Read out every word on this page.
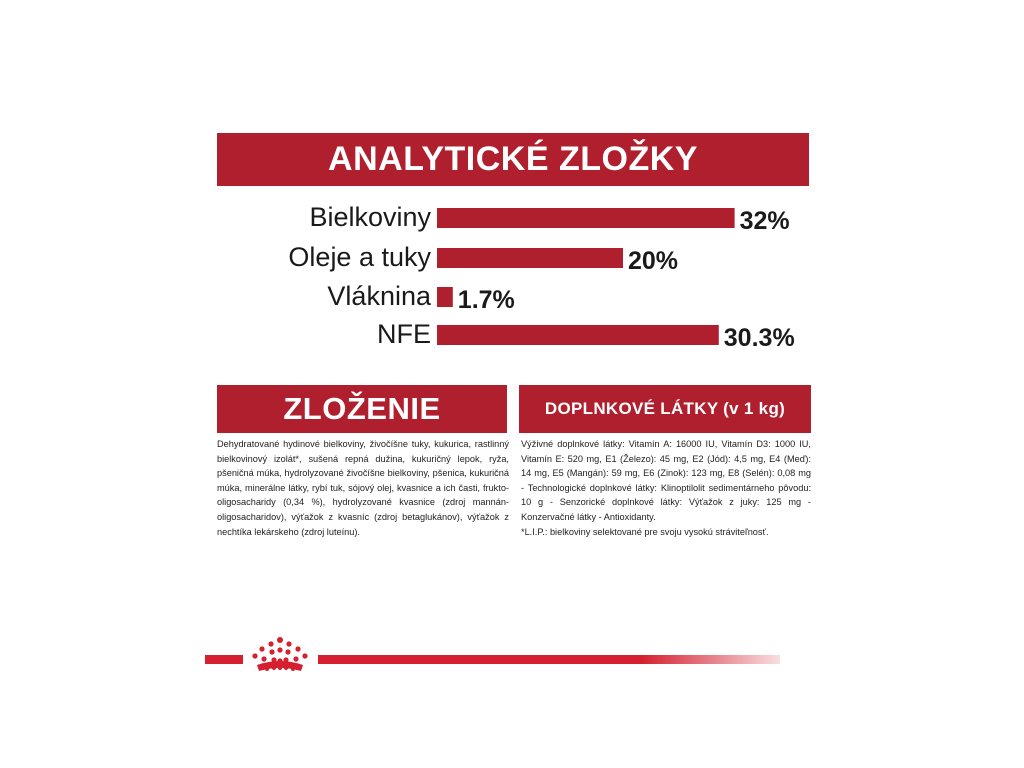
ANALYTICKÉ ZLOŽKY
Bielkoviny	32%
Oleje a tuky	20%
Vláknina 1.7%
NFE	30.3%
ZLOŽENIE	DOPLNKOVÉ LÁTKY (v 1 kg)
Dehydratované hydinové bielkoviny, živočíšne tuky, kukurica, rastlinný bielkovinový izolát*, sušená repná dužina, kukuričný lepok, ryža, pšeničná múka, hydrolyzované živočíšne bielkoviny, pšenica, kukuričná múka, minerálne látky, rybí tuk, sójový olej, kvasnice a ich časti, frukto-oligosacharidy (0,34 %), hydrolyzované kvasnice (zdroj mannán-oligosacharidov), výťažok z kvasníc (zdroj betaglukánov), výťažok z nechtíka lekárskeho (zdroj luteínu).

Výživné doplnkové látky: Vitamín A: 16000 IU, Vitamín D3: 1000 IU, Vitamín E: 520 mg, E1 (Železo): 45 mg, E2 (Jód): 4,5 mg, E4 (Meď): 14 mg, E5 (Mangán): 59 mg, E6 (Zinok): 123 mg, E8 (Selén): 0,08 mg - Technologické doplnkové látky: Klinoptilolit sedimentárneho pôvodu: 10 g - Senzorické doplnkové látky: Výťažok z juky: 125 mg - Konzervačné látky - Antioxidanty.

*L.I.P.: bielkoviny selektované pre svoju vysokú stráviteľnosť.
